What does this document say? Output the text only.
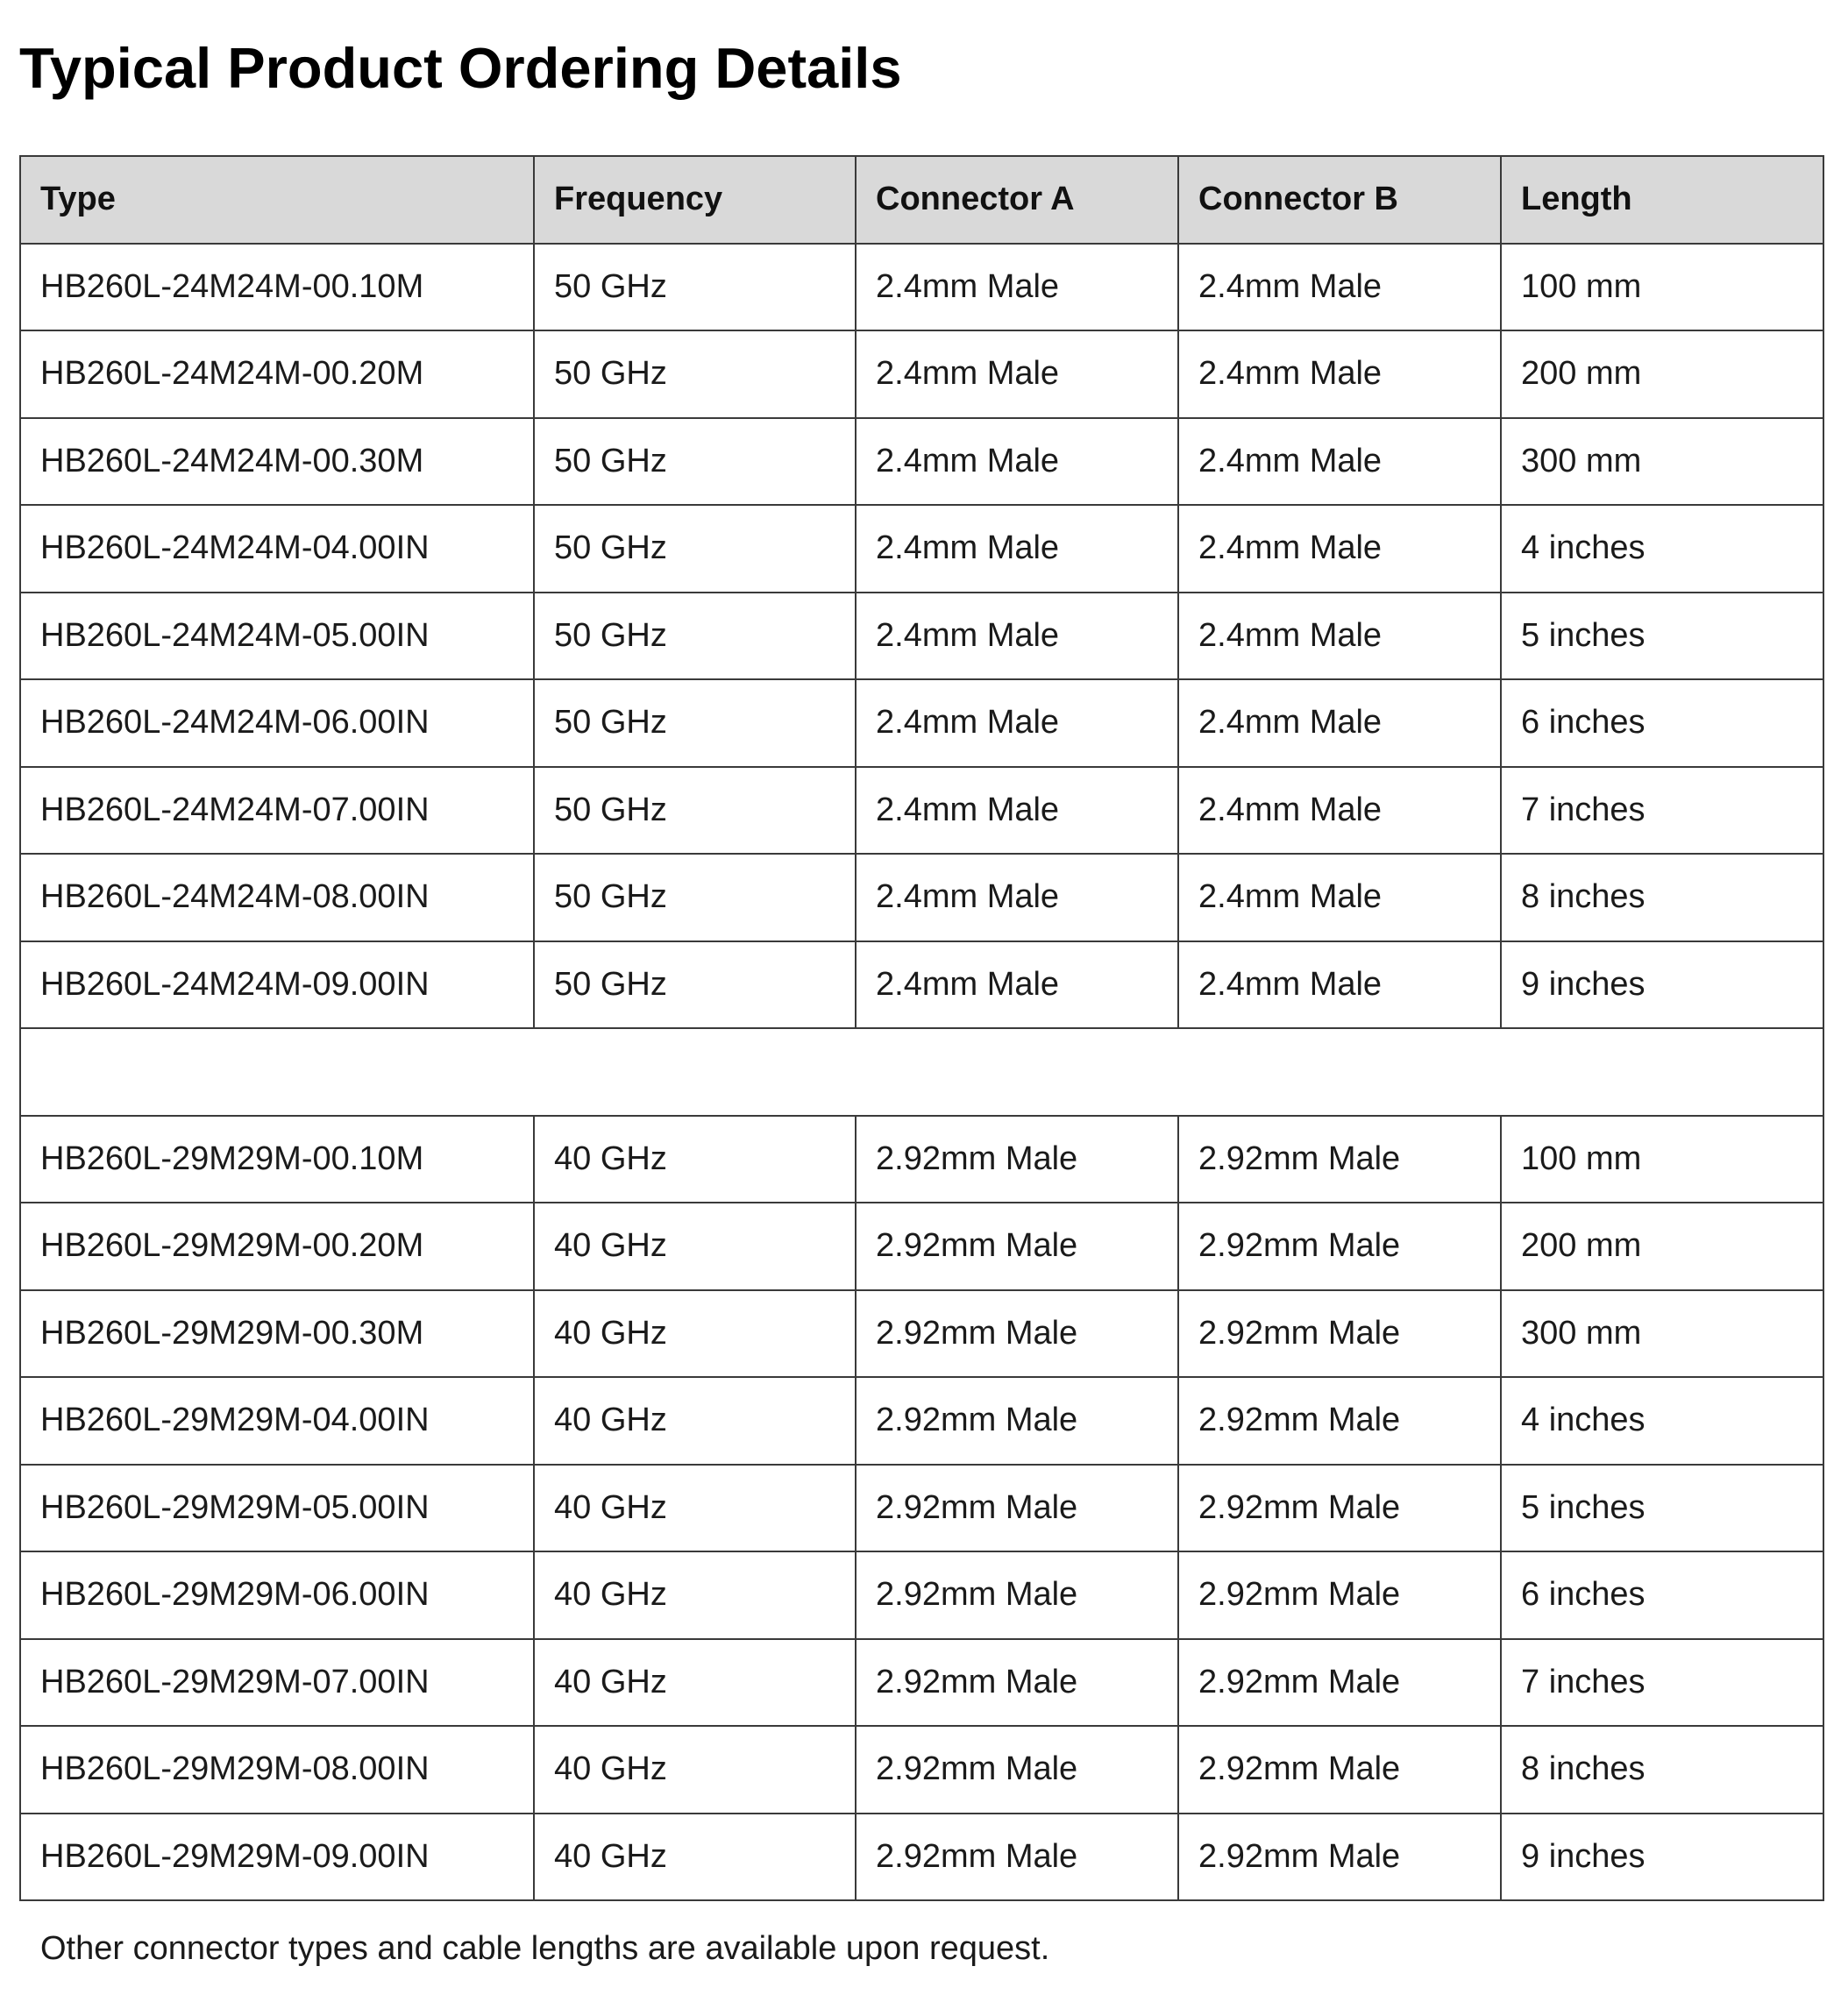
Typical Product Ordering Details
Type	Frequency	Connector A	Connector B	Length
HB260L-24M24M-00.10M	50 GHz	2.4mm Male	2.4mm Male	100 mm
HB260L-24M24M-00.20M	50 GHz	2.4mm Male	2.4mm Male	200 mm
HB260L-24M24M-00.30M	50 GHz	2.4mm Male	2.4mm Male	300 mm
HB260L-24M24M-04.00IN	50 GHz	2.4mm Male	2.4mm Male	4 inches
HB260L-24M24M-05.00IN	50 GHz	2.4mm Male	2.4mm Male	5 inches
HB260L-24M24M-06.00IN	50 GHz	2.4mm Male	2.4mm Male	6 inches
HB260L-24M24M-07.00IN	50 GHz	2.4mm Male	2.4mm Male	7 inches
HB260L-24M24M-08.00IN	50 GHz	2.4mm Male	2.4mm Male	8 inches
HB260L-24M24M-09.00IN	50 GHz	2.4mm Male	2.4mm Male	9 inches

HB260L-29M29M-00.10M	40 GHz	2.92mm Male	2.92mm Male	100 mm
HB260L-29M29M-00.20M	40 GHz	2.92mm Male	2.92mm Male	200 mm
HB260L-29M29M-00.30M	40 GHz	2.92mm Male	2.92mm Male	300 mm
HB260L-29M29M-04.00IN	40 GHz	2.92mm Male	2.92mm Male	4 inches
HB260L-29M29M-05.00IN	40 GHz	2.92mm Male	2.92mm Male	5 inches
HB260L-29M29M-06.00IN	40 GHz	2.92mm Male	2.92mm Male	6 inches
HB260L-29M29M-07.00IN	40 GHz	2.92mm Male	2.92mm Male	7 inches
HB260L-29M29M-08.00IN	40 GHz	2.92mm Male	2.92mm Male	8 inches
HB260L-29M29M-09.00IN	40 GHz	2.92mm Male	2.92mm Male	9 inches

Other connector types and cable lengths are available upon request.
